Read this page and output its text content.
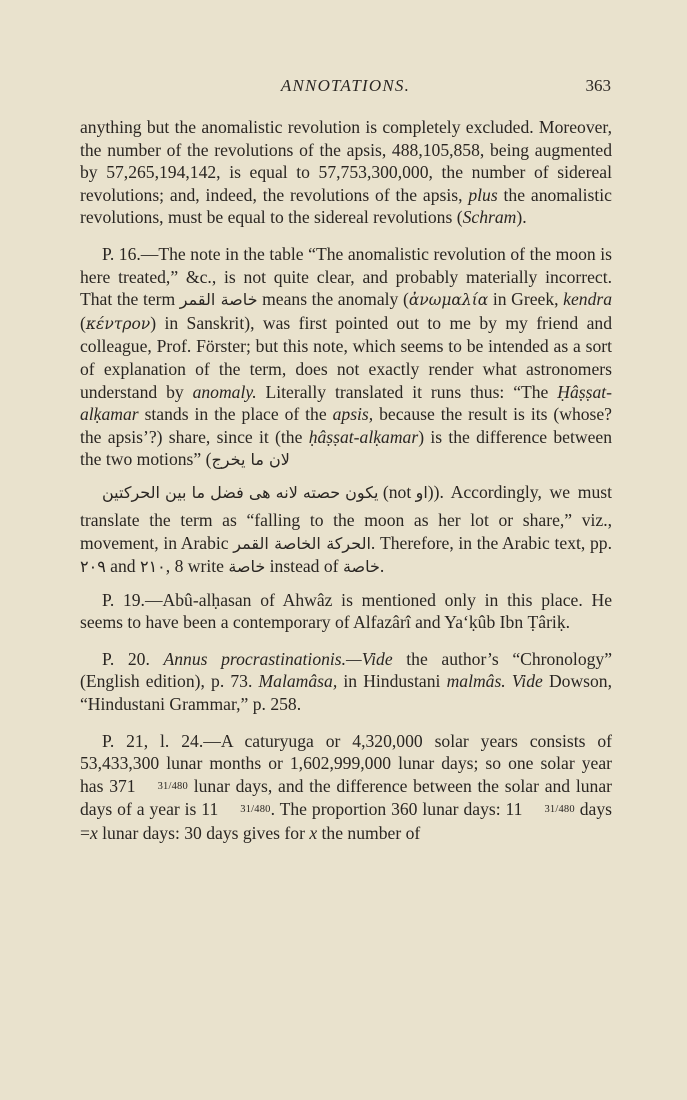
ANNOTATIONS.	363

anything but the anomalistic revolution is completely excluded. Moreover, the number of the revolutions of the apsis, 488,105,858, being augmented by 57,265,194,142, is equal to 57,753,300,000, the number of sidereal revolutions; and, indeed, the revolutions of the apsis, plus the anomalistic revolutions, must be equal to the sidereal revolutions (Schram).

P. 16.—The note in the table “The anomalistic revolution of the moon is here treated,” &c., is not quite clear, and probably materially incorrect. That the term خاصة القمر means the anomaly (ἀνωμαλία in Greek, kendra (κέντρον) in Sanskrit), was first pointed out to me by my friend and colleague, Prof. Förster; but this note, which seems to be intended as a sort of explanation of the term, does not exactly render what astronomers understand by anomaly. Literally translated it runs thus: “The Ḥâṣṣat-alḳamar stands in the place of the apsis, because the result is its (whose? the apsis’?) share, since it (the ḥâṣṣat-alḳamar) is the difference between the two motions” (لان ما يخرج
يكون حصته لانه هى فضل ما بين الحركتين (not او)). Accordingly, we must translate the term as “falling to the moon as her lot or share,” viz., movement, in Arabic الحركة الخاصة القمر. Therefore, in the Arabic text, pp. ٢٠٩ and ٢١٠, 8 write خاصة instead of خاصة.

P. 19.—Abû-alḥasan of Ahwâz is mentioned only in this place. He seems to have been a contemporary of Alfazârî and Ya‘ḳûb Ibn Ṭâriḳ.

P. 20. Annus procrastinationis.—Vide the author’s “Chronology” (English edition), p. 73. Malamâsa, in Hindustani malmâs. Vide Dowson, “Hindustani Grammar,” p. 258.

P. 21, l. 24.—A caturyuga or 4,320,000 solar years consists of 53,433,300 lunar months or 1,602,999,000 lunar days; so one solar year has 371 31/480 lunar days, and the difference between the solar and lunar days of a year is 11 31/480. The proportion 360 lunar days: 11 31/480 days =x lunar days: 30 days gives for x the number of
